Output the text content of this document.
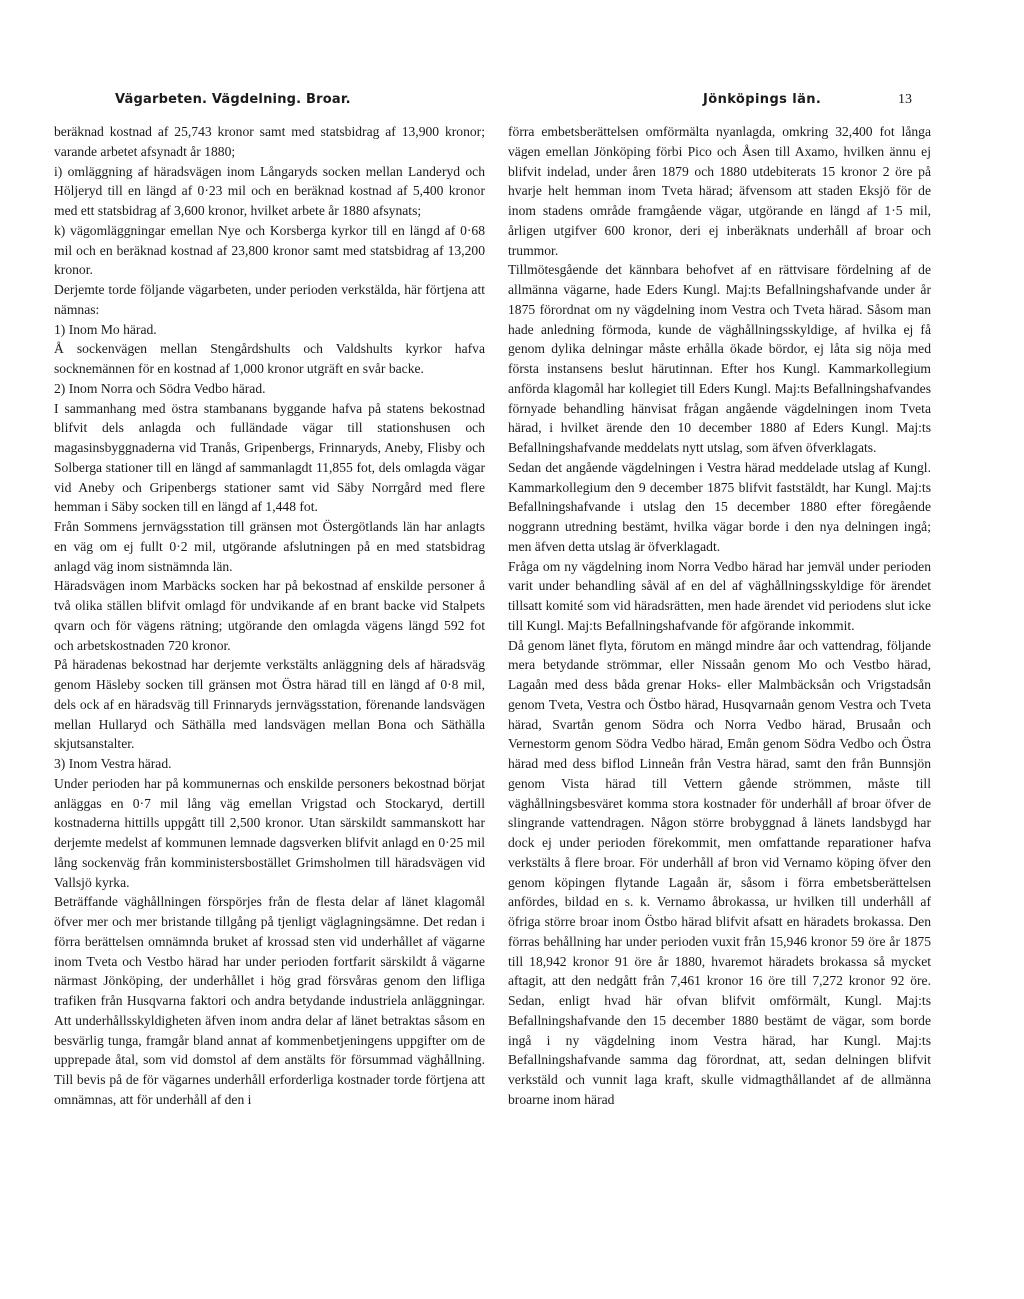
Vägarbeten. Vägdelning. Broar.	Jönköpings län.	13

beräknad kostnad af 25,743 kronor samt med statsbidrag af 13,900 kronor; varande arbetet afsynadt år 1880;

i) omläggning af häradsvägen inom Långaryds socken mellan Landeryd och Höljeryd till en längd af 0·23 mil och en beräknad kostnad af 5,400 kronor med ett statsbidrag af 3,600 kronor, hvilket arbete år 1880 afsynats;

k) vägomläggningar emellan Nye och Korsberga kyrkor till en längd af 0·68 mil och en beräknad kostnad af 23,800 kronor samt med statsbidrag af 13,200 kronor.

Derjemte torde följande vägarbeten, under perioden verkstälda, här förtjena att nämnas:

1) Inom Mo härad.

Å sockenvägen mellan Stengårdshults och Valdshults kyrkor hafva socknemännen för en kostnad af 1,000 kronor utgräft en svår backe.

2) Inom Norra och Södra Vedbo härad.

I sammanhang med östra stambanans byggande hafva på statens bekostnad blifvit dels anlagda och fulländade vägar till stationshusen och magasinsbyggnaderna vid Tranås, Gripenbergs, Frinnaryds, Aneby, Flisby och Solberga stationer till en längd af sammanlagdt 11,855 fot, dels omlagda vägar vid Aneby och Gripenbergs stationer samt vid Säby Norrgård med flere hemman i Säby socken till en längd af 1,448 fot.

Från Sommens jernvägsstation till gränsen mot Östergötlands län har anlagts en väg om ej fullt 0·2 mil, utgörande afslutningen på en med statsbidrag anlagd väg inom sistnämnda län.

Häradsvägen inom Marbäcks socken har på bekostnad af enskilde personer å två olika ställen blifvit omlagd för undvikande af en brant backe vid Stalpets qvarn och för vägens rätning; utgörande den omlagda vägens längd 592 fot och arbetskostnaden 720 kronor.

På häradenas bekostnad har derjemte verkstälts anläggning dels af häradsväg genom Häsleby socken till gränsen mot Östra härad till en längd af 0·8 mil, dels ock af en häradsväg till Frinnaryds jernvägsstation, förenande landsvägen mellan Hullaryd och Säthälla med landsvägen mellan Bona och Säthälla skjutsanstalter.

3) Inom Vestra härad.

Under perioden har på kommunernas och enskilde personers bekostnad börjat anläggas en 0·7 mil lång väg emellan Vrigstad och Stockaryd, dertill kostnaderna hittills uppgått till 2,500 kronor. Utan särskildt sammanskott har derjemte medelst af kommunen lemnade dagsverken blifvit anlagd en 0·25 mil lång sockenväg från komministersbostället Grimsholmen till häradsvägen vid Vallsjö kyrka.

Beträffande väghållningen förspörjes från de flesta delar af länet klagomål öfver mer och mer bristande tillgång på tjenligt väglagningsämne. Det redan i förra berättelsen omnämnda bruket af krossad sten vid underhållet af vägarne inom Tveta och Vestbo härad har under perioden fortfarit särskildt å vägarne närmast Jönköping, der underhållet i hög grad försvåras genom den lifliga trafiken från Husqvarna faktori och andra betydande industriela anläggningar. Att underhållsskyldigheten äfven inom andra delar af länet betraktas såsom en besvärlig tunga, framgår bland annat af kommenbetjeningens uppgifter om de upprepade åtal, som vid domstol af dem anstälts för försummad väghållning. Till bevis på de för vägarnes underhåll erforderliga kostnader torde förtjena att omnämnas, att för underhåll af den i

förra embetsberättelsen omförmälta nyanlagda, omkring 32,400 fot långa vägen emellan Jönköping förbi Pico och Åsen till Axamo, hvilken ännu ej blifvit indelad, under åren 1879 och 1880 utdebiterats 15 kronor 2 öre på hvarje helt hemman inom Tveta härad; äfvensom att staden Eksjö för de inom stadens område framgående vägar, utgörande en längd af 1·5 mil, årligen utgifver 600 kronor, deri ej inberäknats underhåll af broar och trummor.

Tillmötesgående det kännbara behofvet af en rättvisare fördelning af de allmänna vägarne, hade Eders Kungl. Maj:ts Befallningshafvande under år 1875 förordnat om ny vägdelning inom Vestra och Tveta härad. Såsom man hade anledning förmoda, kunde de väghållningsskyldige, af hvilka ej få genom dylika delningar måste erhålla ökade bördor, ej låta sig nöja med första instansens beslut härutinnan. Efter hos Kungl. Kammarkollegium anförda klagomål har kollegiet till Eders Kungl. Maj:ts Befallningshafvandes förnyade behandling hänvisat frågan angående vägdelningen inom Tveta härad, i hvilket ärende den 10 december 1880 af Eders Kungl. Maj:ts Befallningshafvande meddelats nytt utslag, som äfven öfverklagats.

Sedan det angående vägdelningen i Vestra härad meddelade utslag af Kungl. Kammarkollegium den 9 december 1875 blifvit faststäldt, har Kungl. Maj:ts Befallningshafvande i utslag den 15 december 1880 efter föregående noggrann utredning bestämt, hvilka vägar borde i den nya delningen ingå; men äfven detta utslag är öfverklagadt.

Fråga om ny vägdelning inom Norra Vedbo härad har jemväl under perioden varit under behandling såväl af en del af väghållningsskyldige för ärendet tillsatt komité som vid häradsrätten, men hade ärendet vid periodens slut icke till Kungl. Maj:ts Befallningshafvande för afgörande inkommit.

Då genom länet flyta, förutom en mängd mindre åar och vattendrag, följande mera betydande strömmar, eller Nissaån genom Mo och Vestbo härad, Lagaån med dess båda grenar Hoks- eller Malmbäcksån och Vrigstadsån genom Tveta, Vestra och Östbo härad, Husqvarnaån genom Vestra och Tveta härad, Svartån genom Södra och Norra Vedbo härad, Brusaån och Vernestorm genom Södra Vedbo härad, Emån genom Södra Vedbo och Östra härad med dess biflod Linneån från Vestra härad, samt den från Bunnsjön genom Vista härad till Vettern gående strömmen, måste till väghållningsbesväret komma stora kostnader för underhåll af broar öfver de slingrande vattendragen. Någon större brobyggnad å länets landsbygd har dock ej under perioden förekommit, men omfattande reparationer hafva verkstälts å flere broar. För underhåll af bron vid Vernamo köping öfver den genom köpingen flytande Lagaån är, såsom i förra embetsberättelsen anfördes, bildad en s. k. Vernamo åbrokassa, ur hvilken till underhåll af öfriga större broar inom Östbo härad blifvit afsatt en häradets brokassa. Den förras behållning har under perioden vuxit från 15,946 kronor 59 öre år 1875 till 18,942 kronor 91 öre år 1880, hvaremot häradets brokassa så mycket aftagit, att den nedgått från 7,461 kronor 16 öre till 7,272 kronor 92 öre. Sedan, enligt hvad här ofvan blifvit omförmält, Kungl. Maj:ts Befallningshafvande den 15 december 1880 bestämt de vägar, som borde ingå i ny vägdelning inom Vestra härad, har Kungl. Maj:ts Befallningshafvande samma dag förordnat, att, sedan delningen blifvit verkstäld och vunnit laga kraft, skulle vidmagthållandet af de allmänna broarne inom härad
